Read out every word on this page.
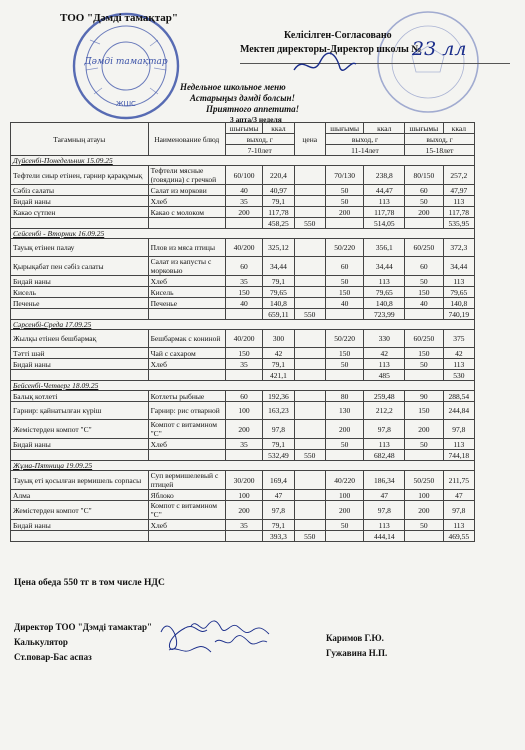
Дәмді тамақтар
ЖШС
ТОО "Дәмді тамақтар"
Келісілген-Согласовано
Мектеп директоры-Директор школы №
23 лл
Недельное школьное меню
Астарыңыз дәмді болсын!
Приятного аппетита!
3 апта/3 неделя
Тағамның атауы	Наименование блюд	шығымы	ккал	цена	шығымы	ккал	шығымы	ккал
		выход, г			выход, г		выход, г	
		7-10лет			11-14лет		15-18лет	
Дүйсенбі-Понедельник 15.09.25								
Тефтели сиыр етінен, гарнир қарақұмық	Тефтели мясные (говядина) с гречкой	60/100	220,4		70/130	238,8	80/150	257,2
Сәбіз салаты	Салат из моркови	40	40,97		50	44,47	60	47,97
Бидай наны	Хлеб	35	79,1		50	113	50	113
Какао сүтпен	Какао с молоком	200	117,78		200	117,78	200	117,78
			458,25	550		514,05		535,95
Сейсенбі - Вторник 16.09.25								
Тауық етінен палау	Плов из мяса птицы	40/200	325,12		50/220	356,1	60/250	372,3
Қырықабат пен сәбіз салаты	Салат из капусты с морковью	60	34,44		60	34,44	60	34,44
Бидай наны	Хлеб	35	79,1		50	113	50	113
Кисель	Кисель	150	79,65		150	79,65	150	79,65
Печенье	Печенье	40	140,8		40	140,8	40	140,8
			659,11	550		723,99		740,19
Сәрсенбі-Среда 17.09.25								
Жылқы етінен бешбармақ	Бешбармак с кониной	40/200	300		50/220	330	60/250	375
Тәтті шәй	Чай с сахаром	150	42		150	42	150	42
Бидай наны	Хлеб	35	79,1		50	113	50	113
			421,1			485		530
Бейсенбі-Четверг 18.09.25								
Балық котлеті	Котлеты рыбные	60	192,36		80	259,48	90	288,54
Гарнир: қайнатылған күріш	Гарнир: рис отварной	100	163,23		130	212,2	150	244,84
Жемістерден компот "С"	Компот с витамином "С"	200	97,8		200	97,8	200	97,8
Бидай наны	Хлеб	35	79,1		50	113	50	113
			532,49	550		682,48		744,18
Жұма-Пятница 19.09.25								
Тауық еті қосылған вермишель сорпасы	Суп вермишелевый с птицей	30/200	169,4		40/220	186,34	50/250	211,75
Алма	Яблоко	100	47		100	47	100	47
Жемістерден компот "С"	Компот с витамином "С"	200	97,8		200	97,8	200	97,8
Бидай наны	Хлеб	35	79,1		50	113	50	113
			393,3	550		444,14		469,55
Цена обеда 550 тг в том числе НДС
Директор ТОО "Дэмді тамактар"
Калькулятор
Ст.повар-Бас аспаз
Каримов Г.Ю.
Гужавина Н.П.
